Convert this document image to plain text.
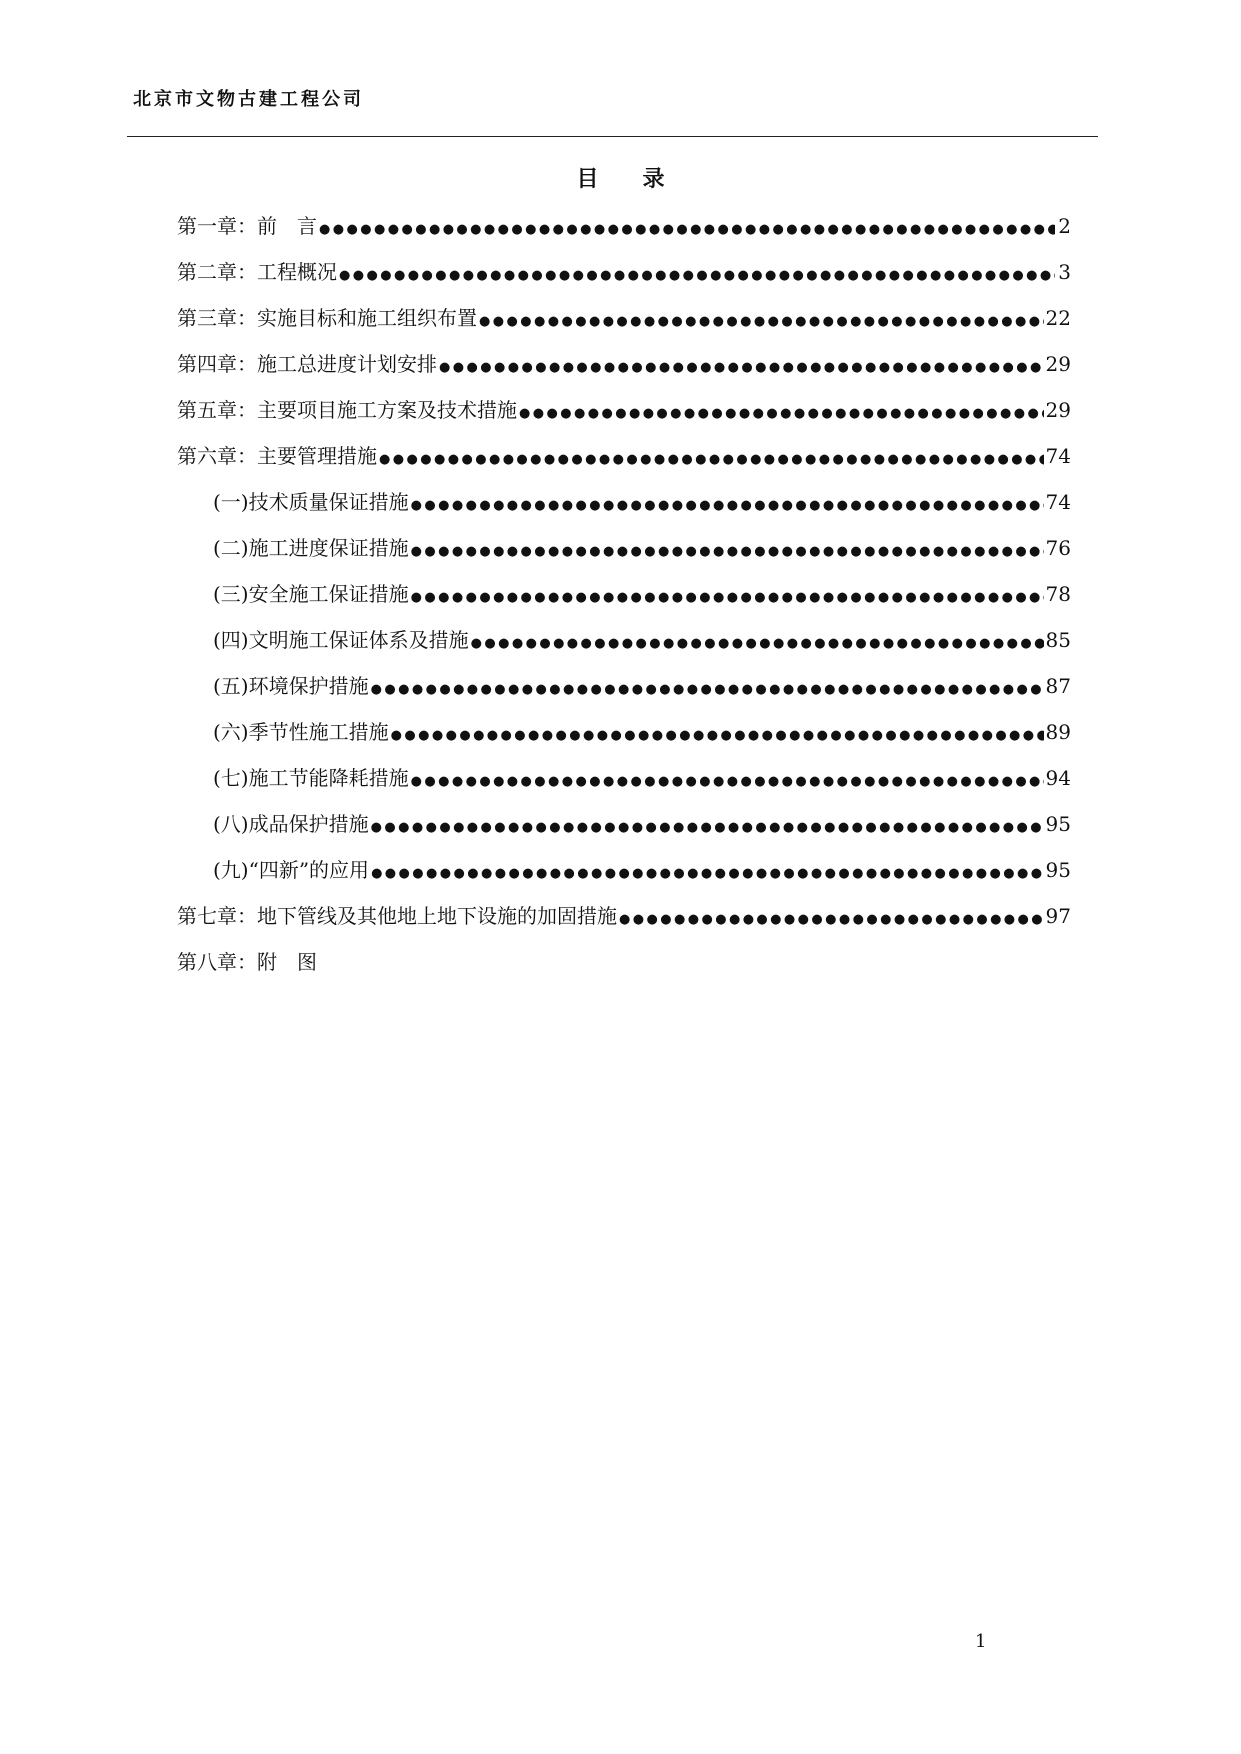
北京市文物古建工程公司
目 录
第一章：前　言 ●●●●●●●●●●●●●●●●●●●●●●●●●●●●●●●●●●●●●●●●●●●●●●●●●●●●●●●●●●●●●●●●●●●●●●●●●●●●●●●●●●●●●●●●●●●●●●●●●●●●●●●●●●●●●●●	2
第二章：工程概况 ●●●●●●●●●●●●●●●●●●●●●●●●●●●●●●●●●●●●●●●●●●●●●●●●●●●●●●●●●●●●●●●●●●●●●●●●●●●●●●●●●●●●●●●●●●●●●●●●●●●●●●●●●●●●●●●	3
第三章：实施目标和施工组织布置 ●●●●●●●●●●●●●●●●●●●●●●●●●●●●●●●●●●●●●●●●●●●●●●●●●●●●●●●●●●●●●●●●●●●●●●●●●●●●●●●●●●●●●●●●●●●●●●●●●●●●●●●●●●●●●●●	22
第四章：施工总进度计划安排 ●●●●●●●●●●●●●●●●●●●●●●●●●●●●●●●●●●●●●●●●●●●●●●●●●●●●●●●●●●●●●●●●●●●●●●●●●●●●●●●●●●●●●●●●●●●●●●●●●●●●●●●●●●●●●●●	29
第五章：主要项目施工方案及技术措施 ●●●●●●●●●●●●●●●●●●●●●●●●●●●●●●●●●●●●●●●●●●●●●●●●●●●●●●●●●●●●●●●●●●●●●●●●●●●●●●●●●●●●●●●●●●●●●●●●●●●●●●●●●●●●●●●	29
第六章：主要管理措施 ●●●●●●●●●●●●●●●●●●●●●●●●●●●●●●●●●●●●●●●●●●●●●●●●●●●●●●●●●●●●●●●●●●●●●●●●●●●●●●●●●●●●●●●●●●●●●●●●●●●●●●●●●●●●●●●	74
(一)技术质量保证措施 ●●●●●●●●●●●●●●●●●●●●●●●●●●●●●●●●●●●●●●●●●●●●●●●●●●●●●●●●●●●●●●●●●●●●●●●●●●●●●●●●●●●●●●●●●●●●●●●●●●●●●●●●●●●●●●●	74
(二)施工进度保证措施 ●●●●●●●●●●●●●●●●●●●●●●●●●●●●●●●●●●●●●●●●●●●●●●●●●●●●●●●●●●●●●●●●●●●●●●●●●●●●●●●●●●●●●●●●●●●●●●●●●●●●●●●●●●●●●●●	76
(三)安全施工保证措施 ●●●●●●●●●●●●●●●●●●●●●●●●●●●●●●●●●●●●●●●●●●●●●●●●●●●●●●●●●●●●●●●●●●●●●●●●●●●●●●●●●●●●●●●●●●●●●●●●●●●●●●●●●●●●●●●	78
(四)文明施工保证体系及措施 ●●●●●●●●●●●●●●●●●●●●●●●●●●●●●●●●●●●●●●●●●●●●●●●●●●●●●●●●●●●●●●●●●●●●●●●●●●●●●●●●●●●●●●●●●●●●●●●●●●●●●●●●●●●●●●●	85
(五)环境保护措施 ●●●●●●●●●●●●●●●●●●●●●●●●●●●●●●●●●●●●●●●●●●●●●●●●●●●●●●●●●●●●●●●●●●●●●●●●●●●●●●●●●●●●●●●●●●●●●●●●●●●●●●●●●●●●●●●	87
(六)季节性施工措施 ●●●●●●●●●●●●●●●●●●●●●●●●●●●●●●●●●●●●●●●●●●●●●●●●●●●●●●●●●●●●●●●●●●●●●●●●●●●●●●●●●●●●●●●●●●●●●●●●●●●●●●●●●●●●●●●	89
(七)施工节能降耗措施 ●●●●●●●●●●●●●●●●●●●●●●●●●●●●●●●●●●●●●●●●●●●●●●●●●●●●●●●●●●●●●●●●●●●●●●●●●●●●●●●●●●●●●●●●●●●●●●●●●●●●●●●●●●●●●●●	94
(八)成品保护措施 ●●●●●●●●●●●●●●●●●●●●●●●●●●●●●●●●●●●●●●●●●●●●●●●●●●●●●●●●●●●●●●●●●●●●●●●●●●●●●●●●●●●●●●●●●●●●●●●●●●●●●●●●●●●●●●●	95
(九)“四新”的应用 ●●●●●●●●●●●●●●●●●●●●●●●●●●●●●●●●●●●●●●●●●●●●●●●●●●●●●●●●●●●●●●●●●●●●●●●●●●●●●●●●●●●●●●●●●●●●●●●●●●●●●●●●●●●●●●●	95
第七章：地下管线及其他地上地下设施的加固措施 ●●●●●●●●●●●●●●●●●●●●●●●●●●●●●●●●●●●●●●●●●●●●●●●●●●●●●●●●●●●●●●●●●●●●●●●●●●●●●●●●●●●●●●●●●●●●●●●●●●●●●●●●●●●●●●●	97
第八章：附　图
1
